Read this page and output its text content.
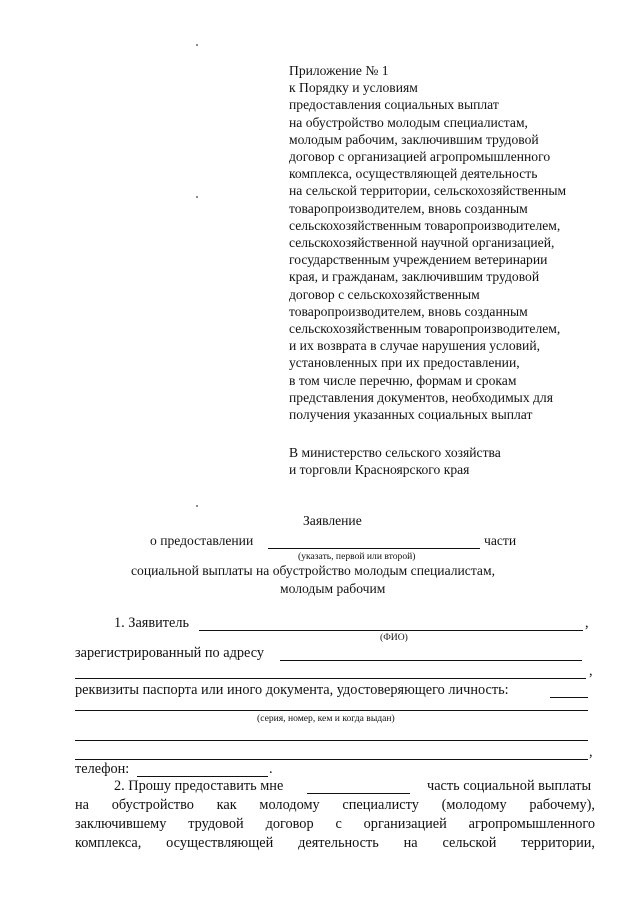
Приложение № 1
к Порядку и условиям
предоставления социальных выплат
на обустройство молодым специалистам,
молодым рабочим, заключившим трудовой
договор с организацией агропромышленного
комплекса, осуществляющей деятельность
на сельской территории, сельскохозяйственным
товаропроизводителем, вновь созданным
сельскохозяйственным товаропроизводителем,
сельскохозяйственной научной организацией,
государственным учреждением ветеринарии
края, и гражданам, заключившим трудовой
договор с сельскохозяйственным
товаропроизводителем, вновь созданным
сельскохозяйственным товаропроизводителем,
и их возврата в случае нарушения условий,
установленных при их предоставлении,
в том числе перечню, формам и срокам
представления документов, необходимых для
получения указанных социальных выплат
В министерство сельского хозяйства
и торговли Красноярского края
Заявление
о предоставлении	части
(указать, первой или второй)
социальной выплаты на обустройство молодым специалистам,
молодым рабочим
1. Заявитель	,
(ФИО)
зарегистрированный по адресу
,
реквизиты паспорта или иного документа, удостоверяющего личность:
(серия, номер, кем и когда выдан)
,
телефон:	.
2. Прошу предоставить мне	часть социальной выплаты
на обустройство как молодому специалисту (молодому рабочему),
заключившему трудовой договор с организацией агропромышленного
комплекса, осуществляющей деятельность на сельской территории,
